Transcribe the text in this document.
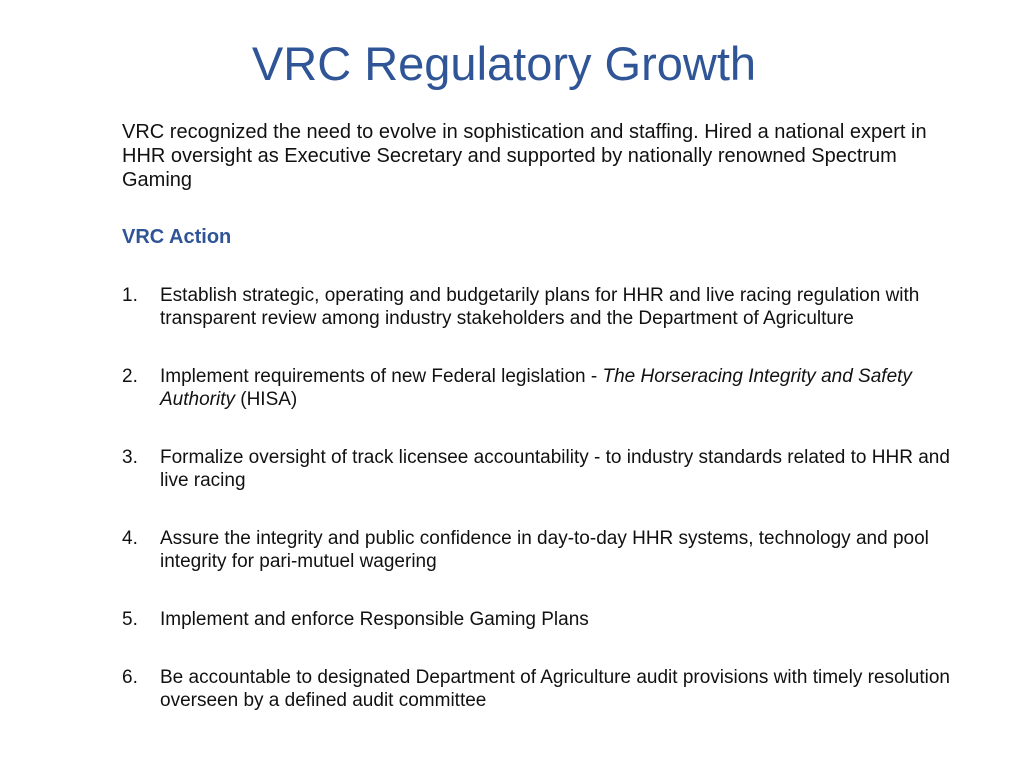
VRC Regulatory Growth
VRC recognized the need to evolve in sophistication and staffing. Hired a national expert in HHR oversight as Executive Secretary and supported by nationally renowned Spectrum Gaming
VRC Action
1.	Establish strategic, operating and budgetarily plans for HHR and live racing regulation with transparent review among industry stakeholders and the Department of Agriculture
2.	Implement requirements of new Federal legislation - The Horseracing Integrity and Safety Authority (HISA)
3.	Formalize oversight of track licensee accountability - to industry standards related to HHR and live racing
4.	Assure the integrity and public confidence in day-to-day HHR systems, technology and pool integrity for pari-mutuel wagering
5.	Implement and enforce Responsible Gaming Plans
6.	Be accountable to designated Department of Agriculture audit provisions with timely resolution overseen by a defined audit committee
